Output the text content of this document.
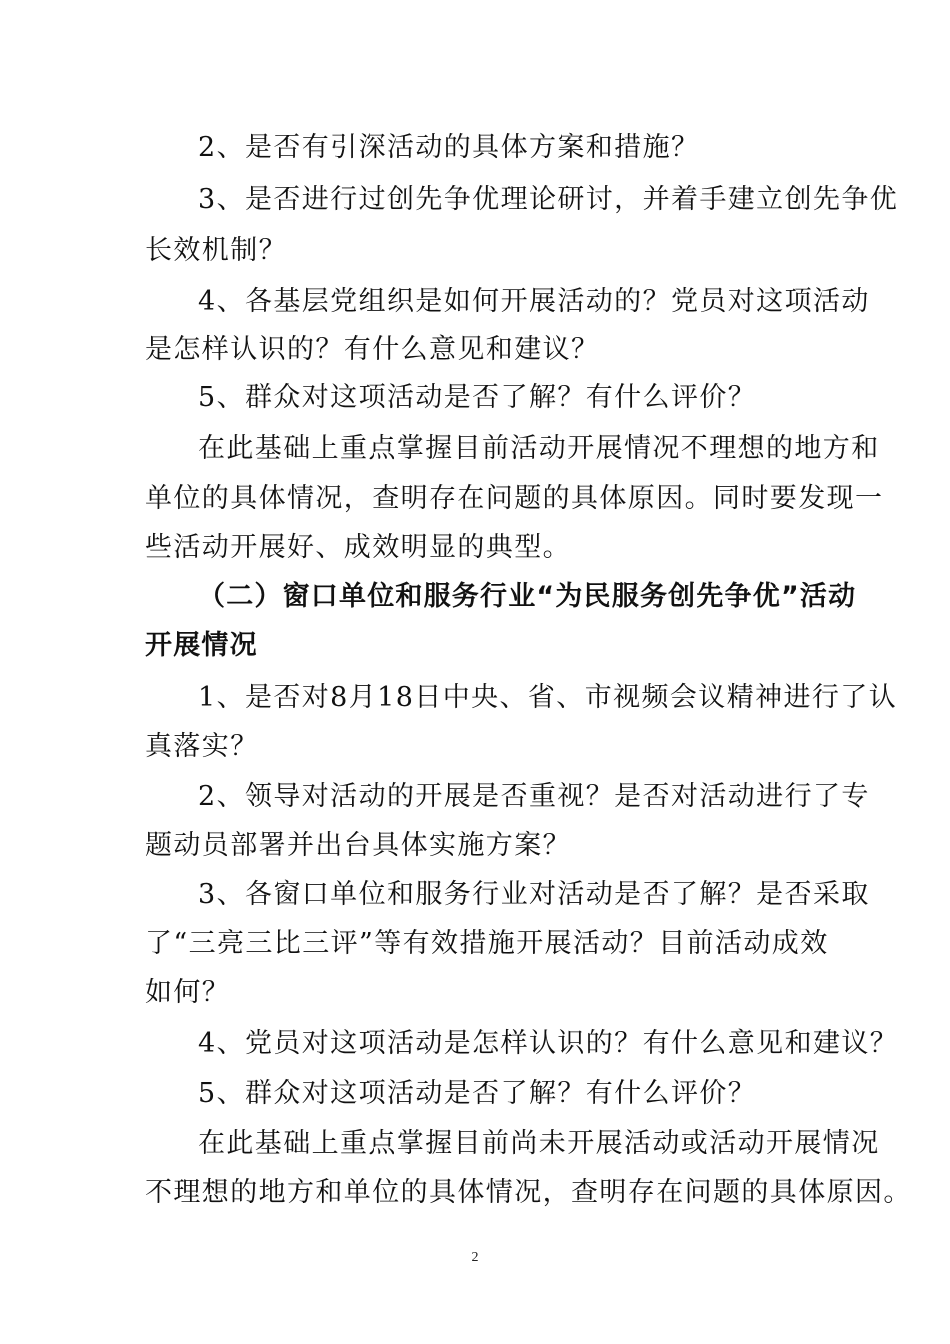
2、是否有引深活动的具体方案和措施？
3、是否进行过创先争优理论研讨，并着手建立创先争优
长效机制？
4、各基层党组织是如何开展活动的？党员对这项活动
是怎样认识的？有什么意见和建议？
5、群众对这项活动是否了解？有什么评价？
在此基础上重点掌握目前活动开展情况不理想的地方和
单位的具体情况，查明存在问题的具体原因。同时要发现一
些活动开展好、成效明显的典型。
（二）窗口单位和服务行业“为民服务创先争优”活动
开展情况
1、是否对8月18日中央、省、市视频会议精神进行了认
真落实？
2、领导对活动的开展是否重视？是否对活动进行了专
题动员部署并出台具体实施方案？
3、各窗口单位和服务行业对活动是否了解？是否采取
了“三亮三比三评”等有效措施开展活动？目前活动成效
如何？
4、党员对这项活动是怎样认识的？有什么意见和建议？
5、群众对这项活动是否了解？有什么评价？
在此基础上重点掌握目前尚未开展活动或活动开展情况
不理想的地方和单位的具体情况，查明存在问题的具体原因。
2
